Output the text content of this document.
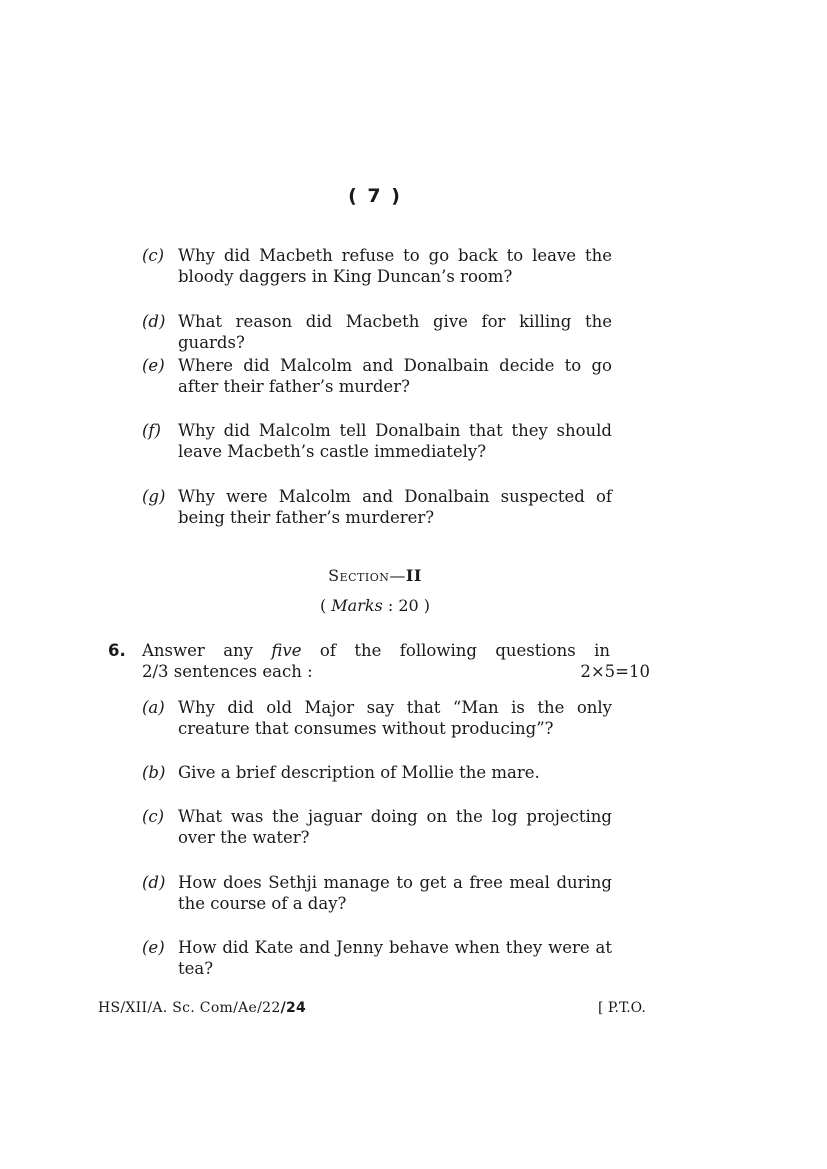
( 7 )
(c) Why did Macbeth refuse to go back to leave the bloody daggers in King Duncan’s room?
(d) What reason did Macbeth give for killing the guards?
(e) Where did Malcolm and Donalbain decide to go after their father’s murder?
(f)	Why did Malcolm tell Donalbain that they should leave Macbeth’s castle immediately?
(g) Why were Malcolm and Donalbain suspected of being their father’s murderer?
Section—II
( Marks : 20 )
6. Answer any five of the following questions in
2/3 sentences each :	2×5=10
(a) Why did old Major say that “Man is the only creature that consumes without producing”?
(b) Give a brief description of Mollie the mare.
(c) What was the jaguar doing on the log projecting over the water?
(d) How does Sethji manage to get a free meal during the course of a day?
(e) How did Kate and Jenny behave when they were at tea?
HS/XII/A. Sc. Com/Ae/22/24	[ P.T.O.
